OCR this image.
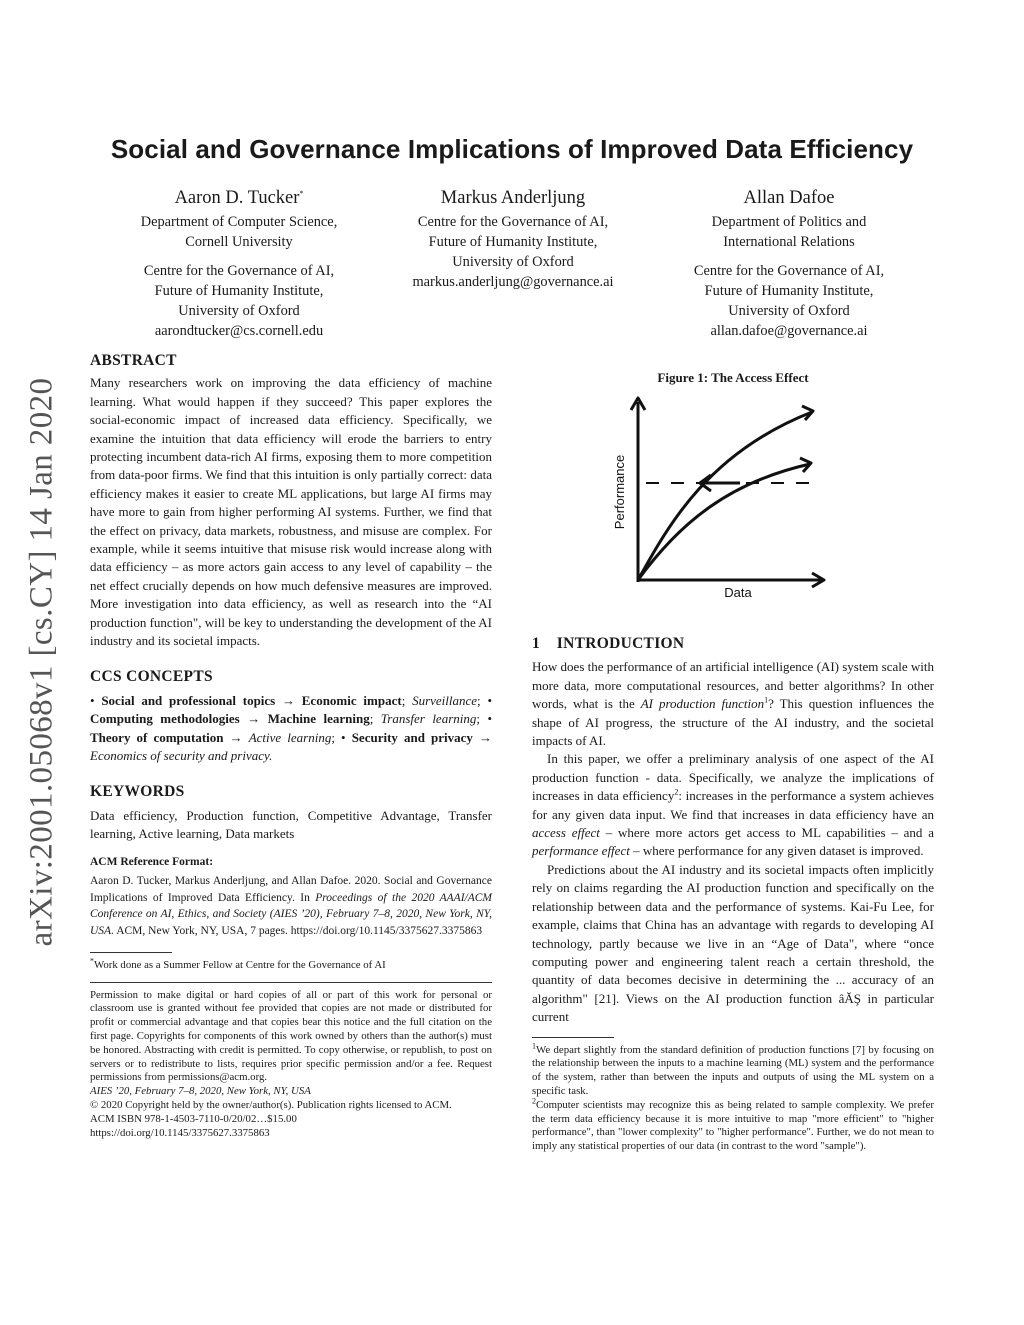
Social and Governance Implications of Improved Data Efficiency
Aaron D. Tucker*
Department of Computer Science,
Cornell University
Centre for the Governance of AI,
Future of Humanity Institute,
University of Oxford
aarondtucker@cs.cornell.edu
Markus Anderljung
Centre for the Governance of AI,
Future of Humanity Institute,
University of Oxford
markus.anderljung@governance.ai
Allan Dafoe
Department of Politics and
International Relations
Centre for the Governance of AI,
Future of Humanity Institute,
University of Oxford
allan.dafoe@governance.ai
arXiv:2001.05068v1 [cs.CY] 14 Jan 2020
ABSTRACT

Many researchers work on improving the data efficiency of machine learning. What would happen if they succeed? This paper explores the social-economic impact of increased data efficiency. Specifically, we examine the intuition that data efficiency will erode the barriers to entry protecting incumbent data-rich AI firms, exposing them to more competition from data-poor firms. We find that this intuition is only partially correct: data efficiency makes it easier to create ML applications, but large AI firms may have more to gain from higher performing AI systems. Further, we find that the effect on privacy, data markets, robustness, and misuse are complex. For example, while it seems intuitive that misuse risk would increase along with data efficiency – as more actors gain access to any level of capability – the net effect crucially depends on how much defensive measures are improved. More investigation into data efficiency, as well as research into the “AI production function", will be key to understanding the development of the AI industry and its societal impacts.

CCS CONCEPTS

• Social and professional topics → Economic impact; Surveillance; • Computing methodologies → Machine learning; Transfer learning; • Theory of computation → Active learning; • Security and privacy → Economics of security and privacy.

KEYWORDS

Data efficiency, Production function, Competitive Advantage, Transfer learning, Active learning, Data markets

ACM Reference Format:
Aaron D. Tucker, Markus Anderljung, and Allan Dafoe. 2020. Social and Governance Implications of Improved Data Efficiency. In Proceedings of the 2020 AAAI/ACM Conference on AI, Ethics, and Society (AIES ’20), February 7–8, 2020, New York, NY, USA. ACM, New York, NY, USA, 7 pages. https://doi.org/10.1145/3375627.3375863
*Work done as a Summer Fellow at Centre for the Governance of AI

Permission to make digital or hard copies of all or part of this work for personal or classroom use is granted without fee provided that copies are not made or distributed for profit or commercial advantage and that copies bear this notice and the full citation on the first page. Copyrights for components of this work owned by others than the author(s) must be honored. Abstracting with credit is permitted. To copy otherwise, or republish, to post on servers or to redistribute to lists, requires prior specific permission and/or a fee. Request permissions from permissions@acm.org.

AIES ’20, February 7–8, 2020, New York, NY, USA

© 2020 Copyright held by the owner/author(s). Publication rights licensed to ACM.

ACM ISBN 978-1-4503-7110-0/20/02…$15.00

https://doi.org/10.1145/3375627.3375863

Figure 1: The Access Effect
Performance
Data
1 INTRODUCTION

How does the performance of an artificial intelligence (AI) system scale with more data, more computational resources, and better algorithms? In other words, what is the AI production function$^1$? This question influences the shape of AI progress, the structure of the AI industry, and the societal impacts of AI.

In this paper, we offer a preliminary analysis of one aspect of the AI production function - data. Specifically, we analyze the implications of increases in data efficiency$^2$: increases in the performance a system achieves for any given data input. We find that increases in data efficiency have an access effect – where more actors get access to ML capabilities – and a performance effect – where performance for any given dataset is improved.

Predictions about the AI industry and its societal impacts often implicitly rely on claims regarding the AI production function and specifically on the relationship between data and the performance of systems. Kai-Fu Lee, for example, claims that China has an advantage with regards to developing AI technology, partly because we live in an “Age of Data", where “once computing power and engineering talent reach a certain threshold, the quantity of data becomes decisive in determining the ... accuracy of an algorithm" [21]. Views on the AI production function âĂŞ in particular current

$^1$We depart slightly from the standard definition of production functions [7] by focusing on the relationship between the inputs to a machine learning (ML) system and the performance of the system, rather than between the inputs and outputs of using the ML system on a specific task.

$^2$Computer scientists may recognize this as being related to sample complexity. We prefer the term data efficiency because it is more intuitive to map "more efficient" to "higher performance", than "lower complexity" to "higher performance". Further, we do not mean to imply any statistical properties of our data (in contrast to the word "sample").
